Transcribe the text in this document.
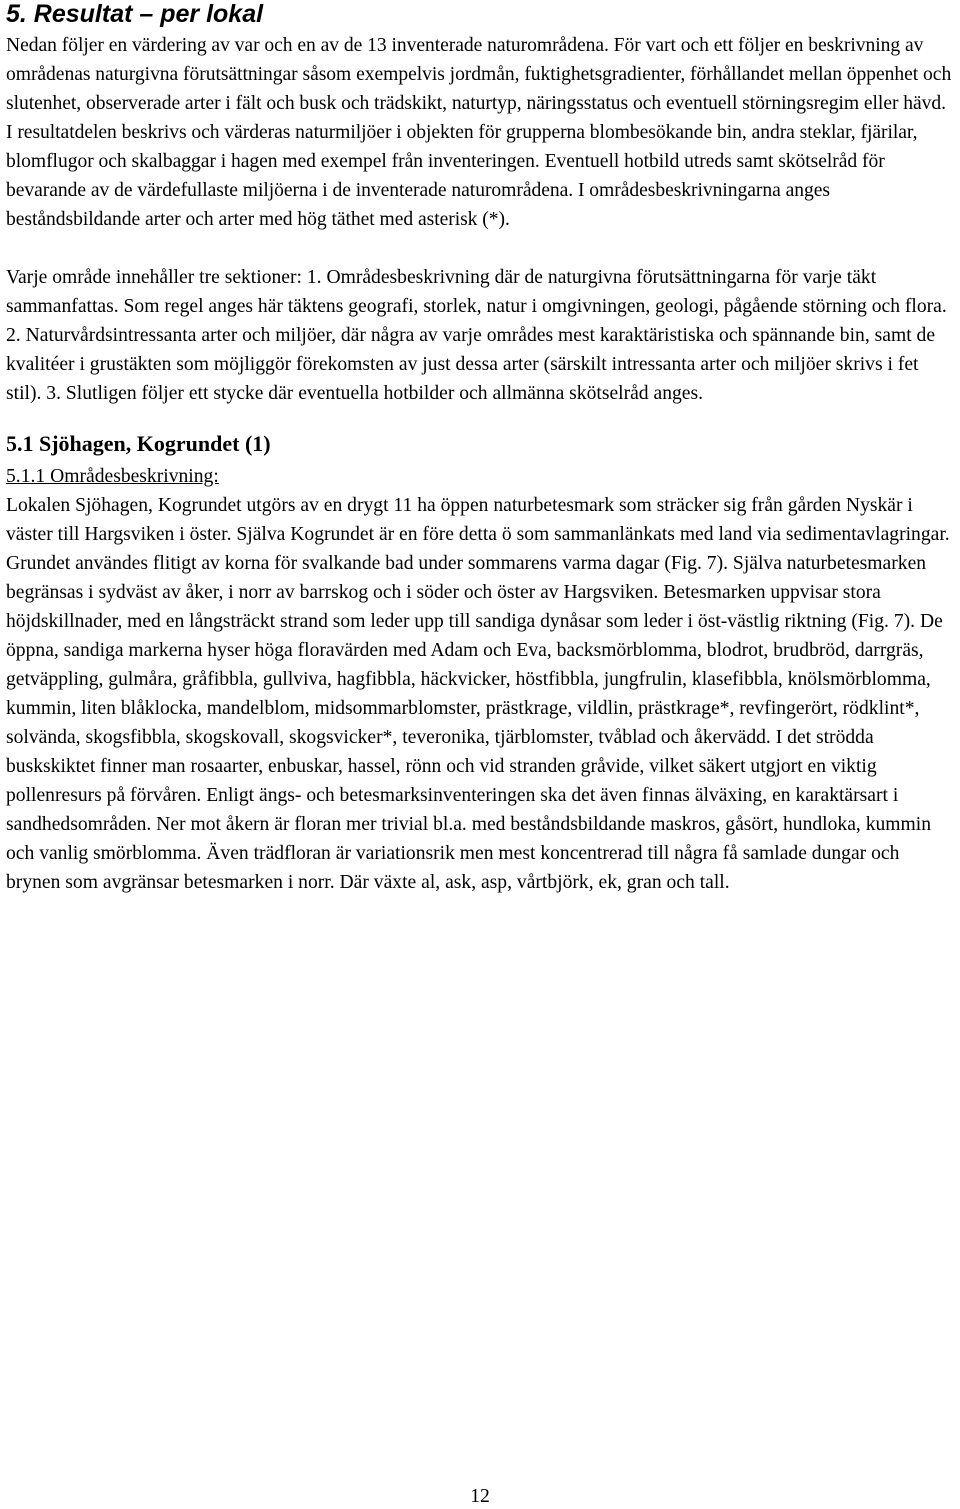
5. Resultat – per lokal

Nedan följer en värdering av var och en av de 13 inventerade naturområdena. För vart och ett följer en beskrivning av områdenas naturgivna förutsättningar såsom exempelvis jordmån, fuktighetsgradienter, förhållandet mellan öppenhet och slutenhet, observerade arter i fält och busk och trädskikt, naturtyp, näringsstatus och eventuell störningsregim eller hävd. I resultatdelen beskrivs och värderas naturmiljöer i objekten för grupperna blombesökande bin, andra steklar, fjärilar, blomflugor och skalbaggar i hagen med exempel från inventeringen. Eventuell hotbild utreds samt skötselråd för bevarande av de värdefullaste miljöerna i de inventerade naturområdena. I områdesbeskrivningarna anges beståndsbildande arter och arter med hög täthet med asterisk (*).

Varje område innehåller tre sektioner: 1. Områdesbeskrivning där de naturgivna förutsättningarna för varje täkt sammanfattas. Som regel anges här täktens geografi, storlek, natur i omgivningen, geologi, pågående störning och flora. 2. Naturvårdsintressanta arter och miljöer, där några av varje områdes mest karaktäristiska och spännande bin, samt de kvalitéer i grustäkten som möjliggör förekomsten av just dessa arter (särskilt intressanta arter och miljöer skrivs i fet stil). 3. Slutligen följer ett stycke där eventuella hotbilder och allmänna skötselråd anges.

5.1 Sjöhagen, Kogrundet (1)

5.1.1 Områdesbeskrivning:

Lokalen Sjöhagen, Kogrundet utgörs av en drygt 11 ha öppen naturbetesmark som sträcker sig från gården Nyskär i väster till Hargsviken i öster. Själva Kogrundet är en före detta ö som sammanlänkats med land via sedimentavlagringar. Grundet användes flitigt av korna för svalkande bad under sommarens varma dagar (Fig. 7). Själva naturbetesmarken begränsas i sydväst av åker, i norr av barrskog och i söder och öster av Hargsviken. Betesmarken uppvisar stora höjdskillnader, med en långsträckt strand som leder upp till sandiga dynåsar som leder i öst-västlig riktning (Fig. 7). De öppna, sandiga markerna hyser höga floravärden med Adam och Eva, backsmörblomma, blodrot, brudbröd, darrgräs, getväppling, gulmåra, gråfibbla, gullviva, hagfibbla, häckvicker, höstfibbla, jungfrulin, klasefibbla, knölsmörblomma, kummin, liten blåklocka, mandelblom, midsommarblomster, prästkrage, vildlin, prästkrage*, revfingerört, rödklint*, solvända, skogsfibbla, skogskovall, skogsvicker*, teveronika, tjärblomster, tvåblad och åkervädd. I det strödda buskskiktet finner man rosaarter, enbuskar, hassel, rönn och vid stranden gråvide, vilket säkert utgjort en viktig pollenresurs på förvåren. Enligt ängs- och betesmarksinventeringen ska det även finnas älväxing, en karaktärsart i sandhedsområden. Ner mot åkern är floran mer trivial bl.a. med beståndsbildande maskros, gåsört, hundloka, kummin och vanlig smörblomma. Även trädfloran är variationsrik men mest koncentrerad till några få samlade dungar och brynen som avgränsar betesmarken i norr. Där växte al, ask, asp, vårtbjörk, ek, gran och tall.

12
